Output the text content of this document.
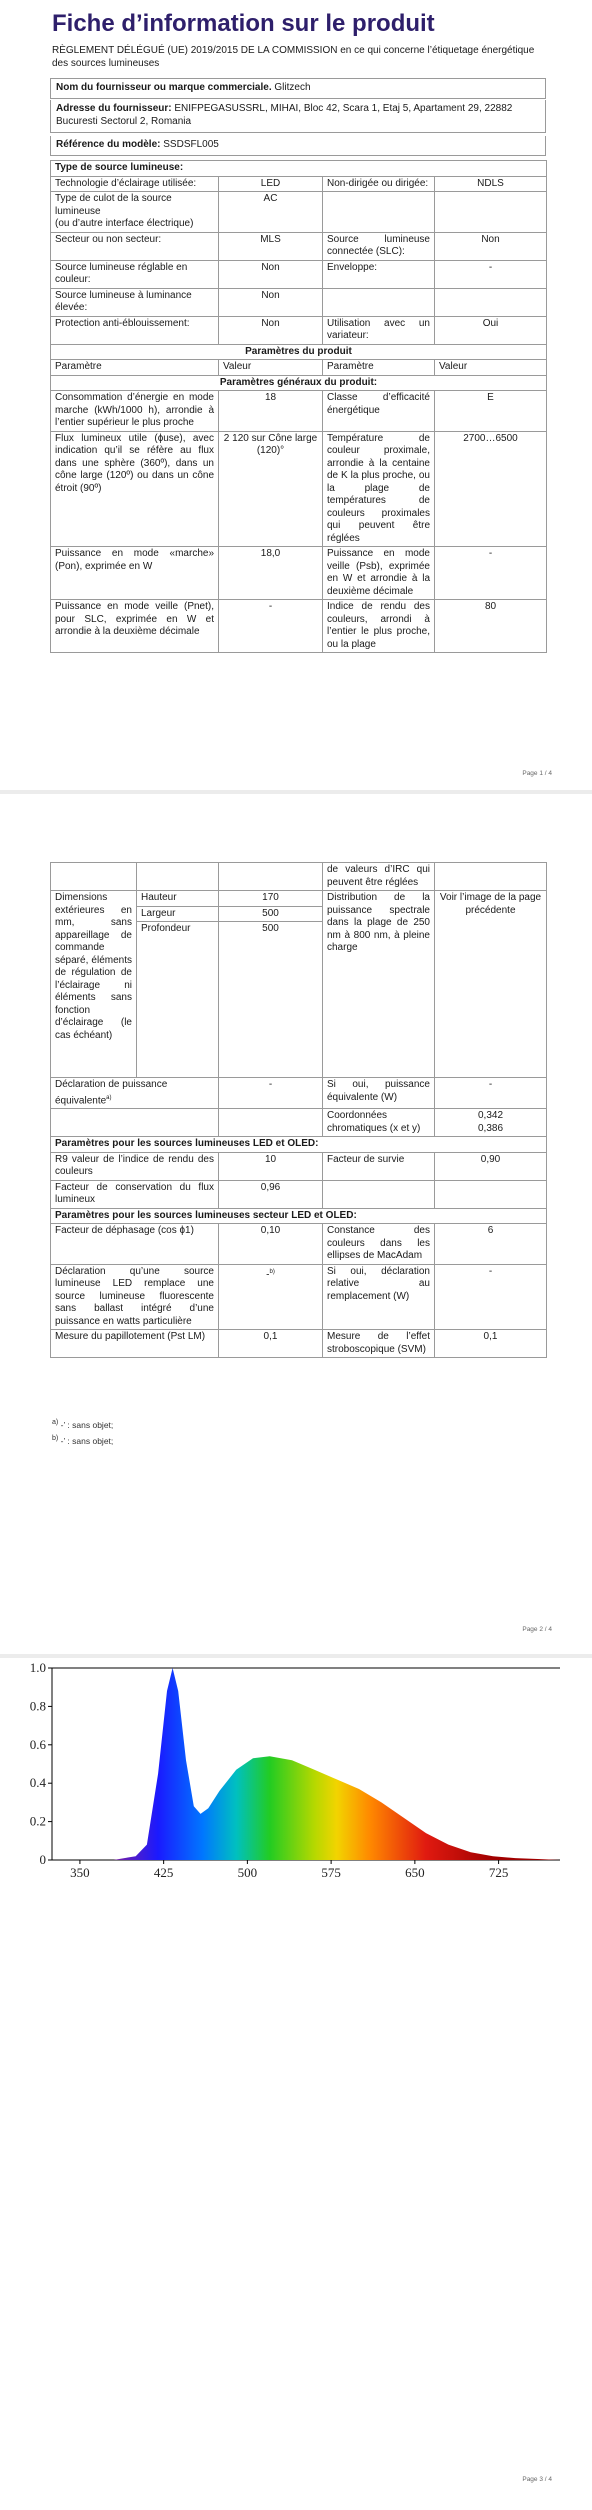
Fiche d’information sur le produit
RÈGLEMENT DÉLÉGUÉ (UE) 2019/2015 DE LA COMMISSION en ce qui concerne l’étiquetage énergétique des sources lumineuses
Nom du fournisseur ou marque commerciale. Glitzech
Adresse du fournisseur: ENIFPEGASUSSRL, MIHAI, Bloc 42, Scara 1, Etaj 5, Apartament 29, 22882 Bucuresti Sectorul 2, Romania
Référence du modèle: SSDSFL005
Type de source lumineuse:			
Technologie d’éclairage utilisée:	LED	Non-dirigée ou dirigée:	NDLS

Type de culot de la source lumineuse
(ou d’autre interface électrique)	AC		
Secteur ou non secteur:	MLS	Source lumineuse connectée (SLC):	Non
Source lumineuse réglable en couleur:	Non	Enveloppe:	-
Source lumineuse à luminance élevée:	Non		
Protection anti-éblouissement:	Non	Utilisation avec un variateur:	Oui
Paramètres du produit			
Paramètre	Valeur	Paramètre	Valeur
Paramètres généraux du produit:			
Consommation d’énergie en mode marche (kWh/1000 h), arrondie à l’entier supérieur le plus proche	18	Classe d’efficacité énergétique	E
Flux lumineux utile (ɸuse), avec indication qu’il se réfère au flux dans une sphère (360º), dans un cône large (120º) ou dans un cône étroit (90º)	2 120 sur Cône large (120)°	Température de couleur proximale, arrondie à la centaine de K la plus proche, ou la plage de températures de couleurs proximales qui peuvent être réglées	2700…6500
Puissance en mode «marche» (Pon), exprimée en W	18,0	Puissance en mode veille (Psb), exprimée en W et arrondie à la deuxième décimale	-
Puissance en mode veille (Pnet), pour SLC, exprimée en W et arrondie à la deuxième décimale	-	Indice de rendu des couleurs, arrondi à l’entier le plus proche, ou la plage	80
Page 1 / 4
			de valeurs d’IRC qui peuvent être réglées	
Dimensions extérieures en mm, sans appareillage de commande séparé, éléments de régulation de l’éclairage ni éléments sans fonction d’éclairage (le cas échéant)	Hauteur	170	Distribution de la puissance spectrale dans la plage de 250 nm à 800 nm, à pleine charge	Voir l’image de la page précédente
	Largeur	500		
	Profondeur	500		
Déclaration de puissance équivalente$^{a)}$		-	Si oui, puissance équivalente (W)	-
			Coordonnées chromatiques (x et y)	0,342
0,386

Paramètres pour les sources lumineuses LED et OLED:				
R9 valeur de l’indice de rendu des couleurs		10	Facteur de survie	0,90
Facteur de conservation du flux lumineux		0,96		
Paramètres pour les sources lumineuses secteur LED et OLED:				
Facteur de déphasage (cos ɸ1)		0,10	Constance des couleurs dans les ellipses de MacAdam	6
Déclaration qu’une source lumineuse LED remplace une source lumineuse fluorescente sans ballast intégré d’une puissance en watts particulière		-$^{b)}$	Si oui, déclaration relative au remplacement (W)	-
Mesure du papillotement (Pst LM)		0,1	Mesure de l’effet stroboscopique (SVM)	0,1
$^{a)}$ -’ : sans objet;
$^{b)}$ -’ : sans objet;
Page 2 / 4
Page 3 / 4
0
0.2
0.4
0.6
0.8
1.0
350	425	500	575	650	725
